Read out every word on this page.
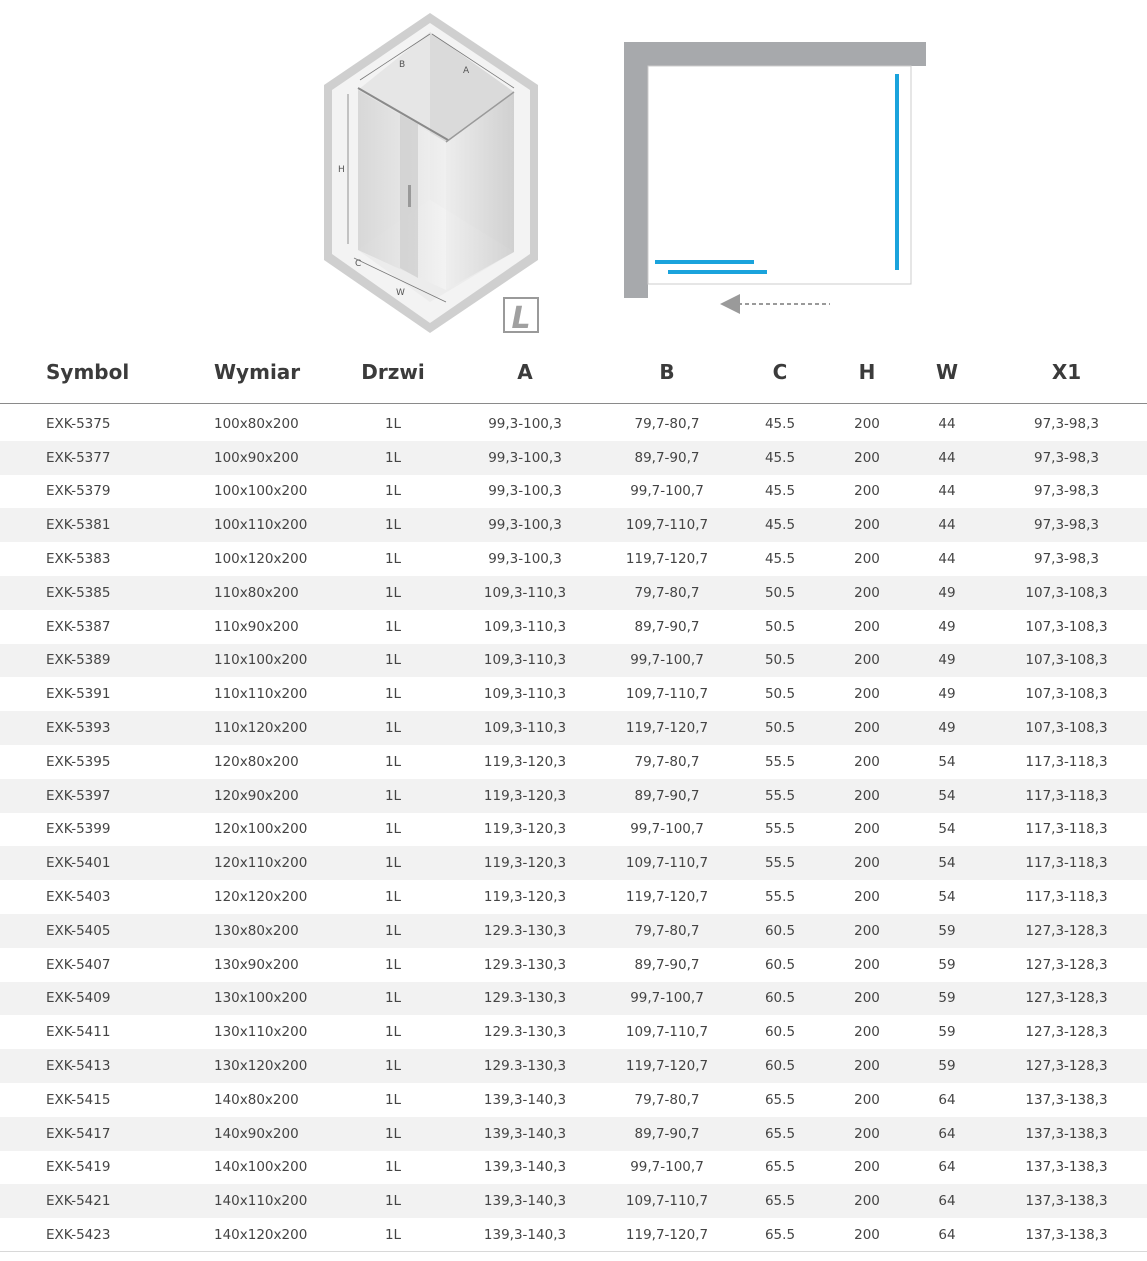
B
A
H
C
W
L
Symbol	Wymiar	Drzwi	A	B	C	H	W	X1
EXK-5375	100x80x200	1L	99,3-100,3	79,7-80,7	45.5	200	44	97,3-98,3
EXK-5377	100x90x200	1L	99,3-100,3	89,7-90,7	45.5	200	44	97,3-98,3
EXK-5379	100x100x200	1L	99,3-100,3	99,7-100,7	45.5	200	44	97,3-98,3
EXK-5381	100x110x200	1L	99,3-100,3	109,7-110,7	45.5	200	44	97,3-98,3
EXK-5383	100x120x200	1L	99,3-100,3	119,7-120,7	45.5	200	44	97,3-98,3
EXK-5385	110x80x200	1L	109,3-110,3	79,7-80,7	50.5	200	49	107,3-108,3
EXK-5387	110x90x200	1L	109,3-110,3	89,7-90,7	50.5	200	49	107,3-108,3
EXK-5389	110x100x200	1L	109,3-110,3	99,7-100,7	50.5	200	49	107,3-108,3
EXK-5391	110x110x200	1L	109,3-110,3	109,7-110,7	50.5	200	49	107,3-108,3
EXK-5393	110x120x200	1L	109,3-110,3	119,7-120,7	50.5	200	49	107,3-108,3
EXK-5395	120x80x200	1L	119,3-120,3	79,7-80,7	55.5	200	54	117,3-118,3
EXK-5397	120x90x200	1L	119,3-120,3	89,7-90,7	55.5	200	54	117,3-118,3
EXK-5399	120x100x200	1L	119,3-120,3	99,7-100,7	55.5	200	54	117,3-118,3
EXK-5401	120x110x200	1L	119,3-120,3	109,7-110,7	55.5	200	54	117,3-118,3
EXK-5403	120x120x200	1L	119,3-120,3	119,7-120,7	55.5	200	54	117,3-118,3
EXK-5405	130x80x200	1L	129.3-130,3	79,7-80,7	60.5	200	59	127,3-128,3
EXK-5407	130x90x200	1L	129.3-130,3	89,7-90,7	60.5	200	59	127,3-128,3
EXK-5409	130x100x200	1L	129.3-130,3	99,7-100,7	60.5	200	59	127,3-128,3
EXK-5411	130x110x200	1L	129.3-130,3	109,7-110,7	60.5	200	59	127,3-128,3
EXK-5413	130x120x200	1L	129.3-130,3	119,7-120,7	60.5	200	59	127,3-128,3
EXK-5415	140x80x200	1L	139,3-140,3	79,7-80,7	65.5	200	64	137,3-138,3
EXK-5417	140x90x200	1L	139,3-140,3	89,7-90,7	65.5	200	64	137,3-138,3
EXK-5419	140x100x200	1L	139,3-140,3	99,7-100,7	65.5	200	64	137,3-138,3
EXK-5421	140x110x200	1L	139,3-140,3	109,7-110,7	65.5	200	64	137,3-138,3
EXK-5423	140x120x200	1L	139,3-140,3	119,7-120,7	65.5	200	64	137,3-138,3
